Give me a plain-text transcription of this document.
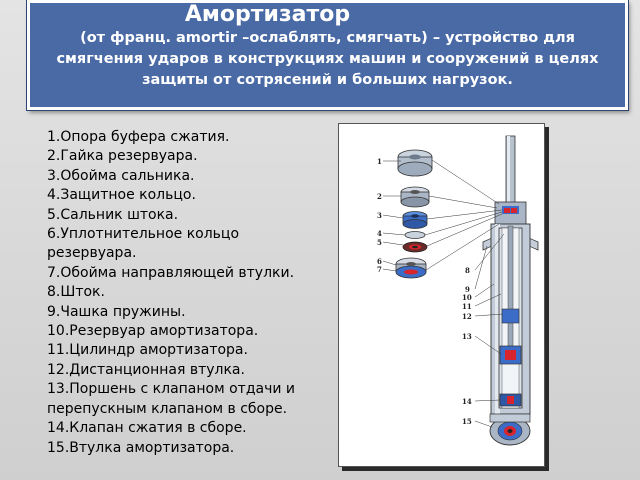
Амортизатор
(от франц. amortir –ослаблять, смягчать) – устройство для смягчения ударов в конструкциях машин и сооружений в целях защиты от сотрясений и больших нагрузок.
1.Опора буфера сжатия.
2.Гайка резервуара.
3.Обойма сальника.
4.Защитное кольцо.
5.Сальник штока.
6.Уплотнительное кольцо
резервуара.
7.Обойма направляющей втулки.
8.Шток.
9.Чашка пружины.
10.Резервуар амортизатора.
11.Цилиндр амортизатора.
12.Дистанционная втулка.
13.Поршень с клапаном отдачи и
перепускным клапаном в сборе.
14.Клапан сжатия в сборе.
15.Втулка амортизатора.
1
2
3
4
5
6
7	8
9
10
11
12
13
14
15
